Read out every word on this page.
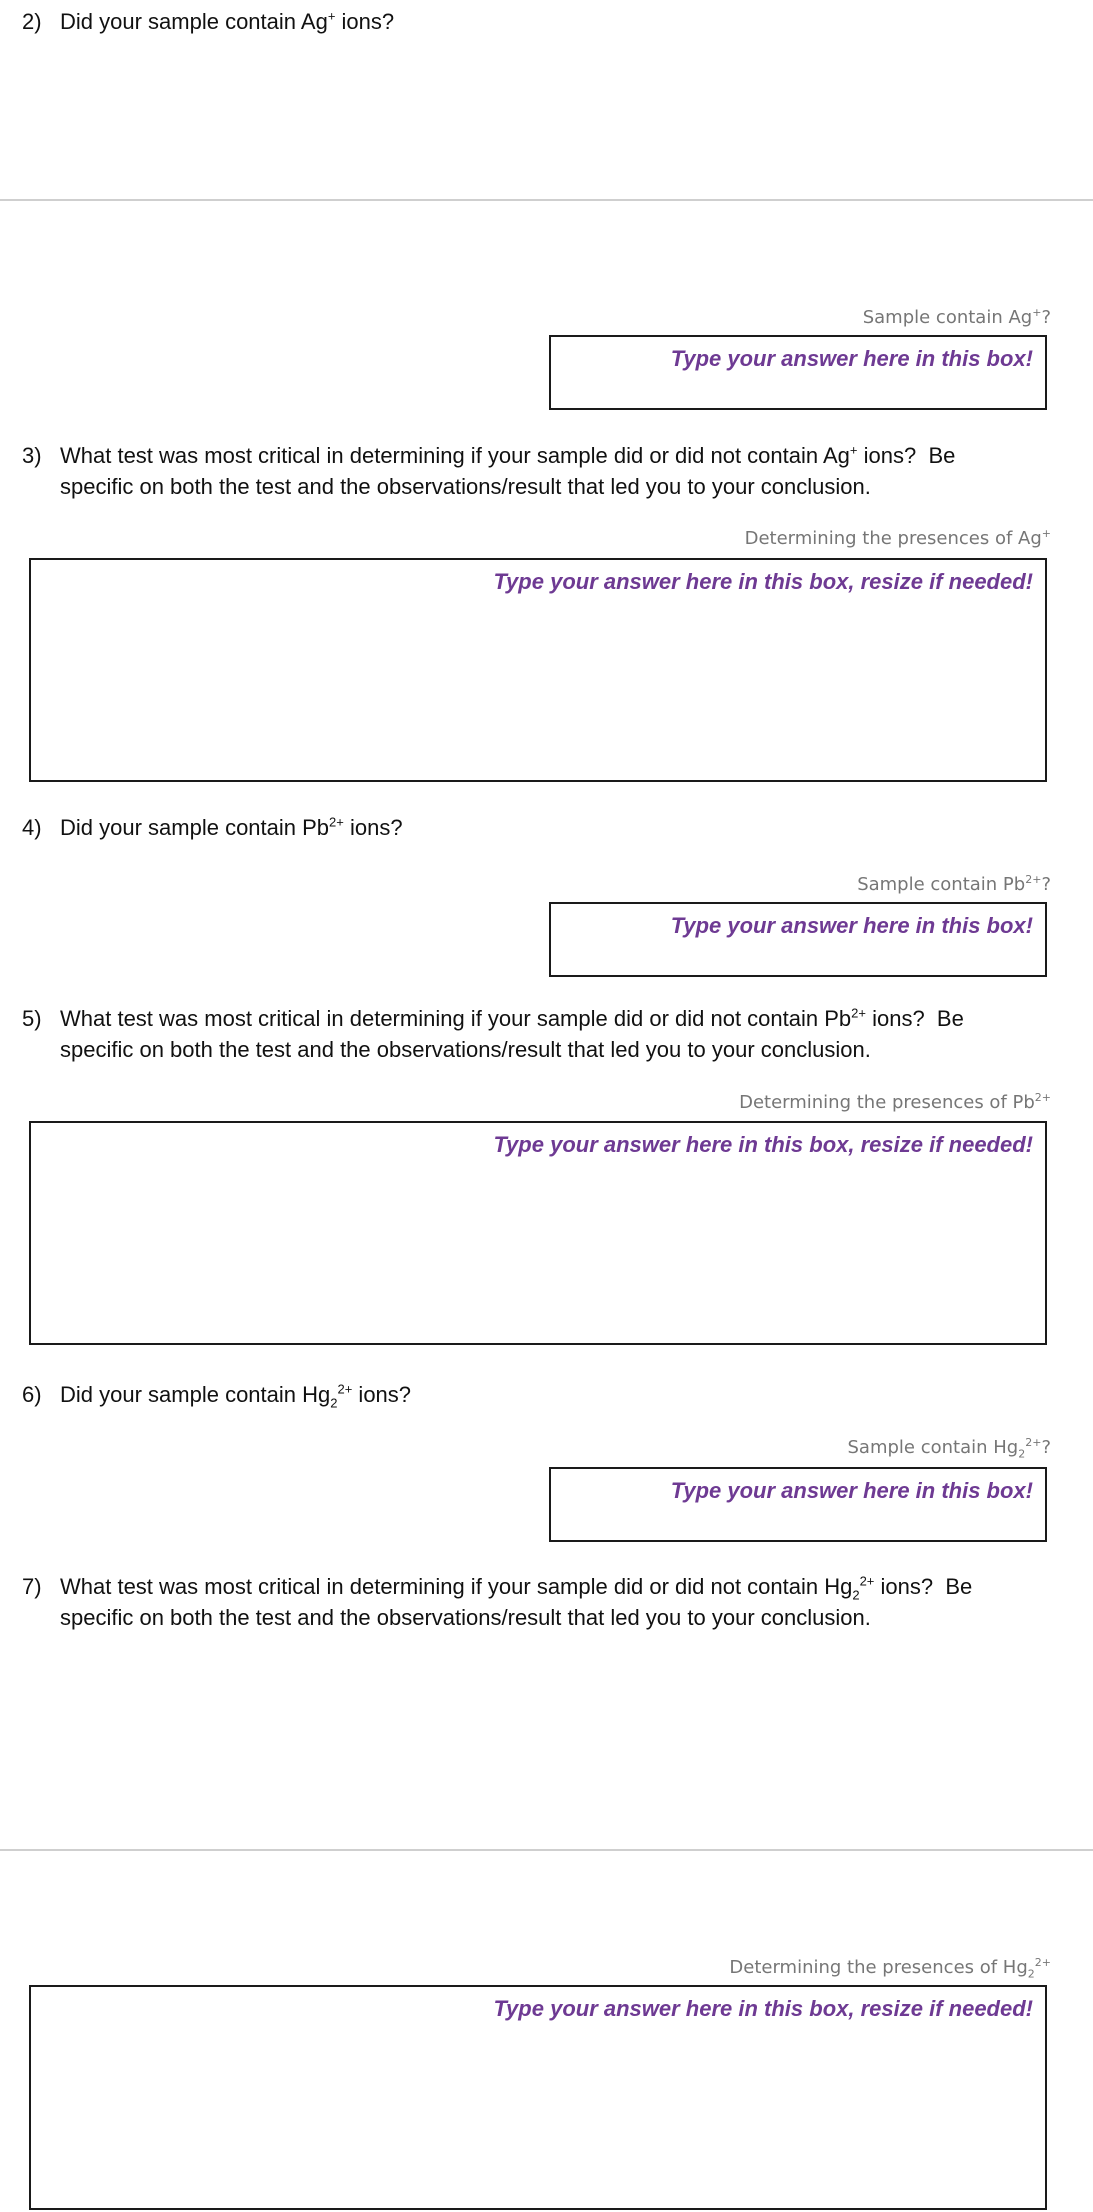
2) Did your sample contain Ag+ ions?
Sample contain Ag+?
Type your answer here in this box!
3) What test was most critical in determining if your sample did or did not contain Ag+ ions?  Be
specific on both the test and the observations/result that led you to your conclusion.
Determining the presences of Ag+
Type your answer here in this box, resize if needed!
4) Did your sample contain $Pb^{2+}$ ions?
Sample contain $Pb^{2+}$?
Type your answer here in this box!
5) What test was most critical in determining if your sample did or did not contain $Pb^{2+}$ ions?  Be
specific on both the test and the observations/result that led you to your conclusion.
Determining the presences of $Pb^{2+}$
Type your answer here in this box, resize if needed!
6) Did your sample contain $Hg_2^{2+}$ ions?
Sample contain $Hg_2^{2+}$?
Type your answer here in this box!
7) What test was most critical in determining if your sample did or did not contain $Hg_2^{2+}$ ions?  Be
specific on both the test and the observations/result that led you to your conclusion.
Determining the presences of $Hg_2^{2+}$
Type your answer here in this box, resize if needed!
